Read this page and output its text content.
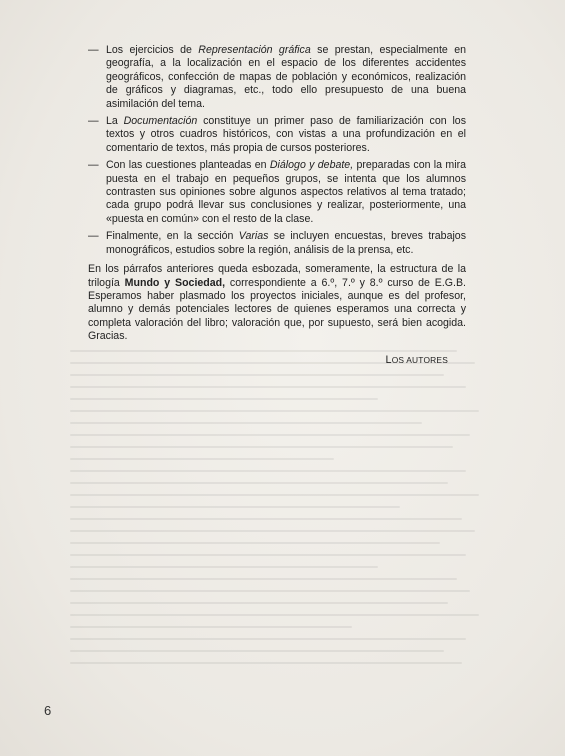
— Los ejercicios de Representación gráfica se prestan, especialmente en geografía, a la localización en el espacio de los diferentes accidentes geográficos, confección de mapas de población y económicos, realización de gráficos y diagramas, etc., todo ello presupuesto de una buena asimilación del tema.
— La Documentación constituye un primer paso de familiarización con los textos y otros cuadros históricos, con vistas a una profundización en el comentario de textos, más propia de cursos posteriores.
— Con las cuestiones planteadas en Diálogo y debate, preparadas con la mira puesta en el trabajo en pequeños grupos, se intenta que los alumnos contrasten sus opiniones sobre algunos aspectos relativos al tema tratado; cada grupo podrá llevar sus conclusiones y realizar, posteriormente, una «puesta en común» con el resto de la clase.
— Finalmente, en la sección Varias se incluyen encuestas, breves trabajos monográficos, estudios sobre la región, análisis de la prensa, etc.

En los párrafos anteriores queda esbozada, someramente, la estructura de la trilogía Mundo y Sociedad, correspondiente a 6.º, 7.º y 8.º curso de E.G.B. Esperamos haber plasmado los proyectos iniciales, aunque es del profesor, alumno y demás potenciales lectores de quienes esperamos una correcta y completa valoración del libro; valoración que, por supuesto, será bien acogida. Gracias.

LOS AUTORES
6
